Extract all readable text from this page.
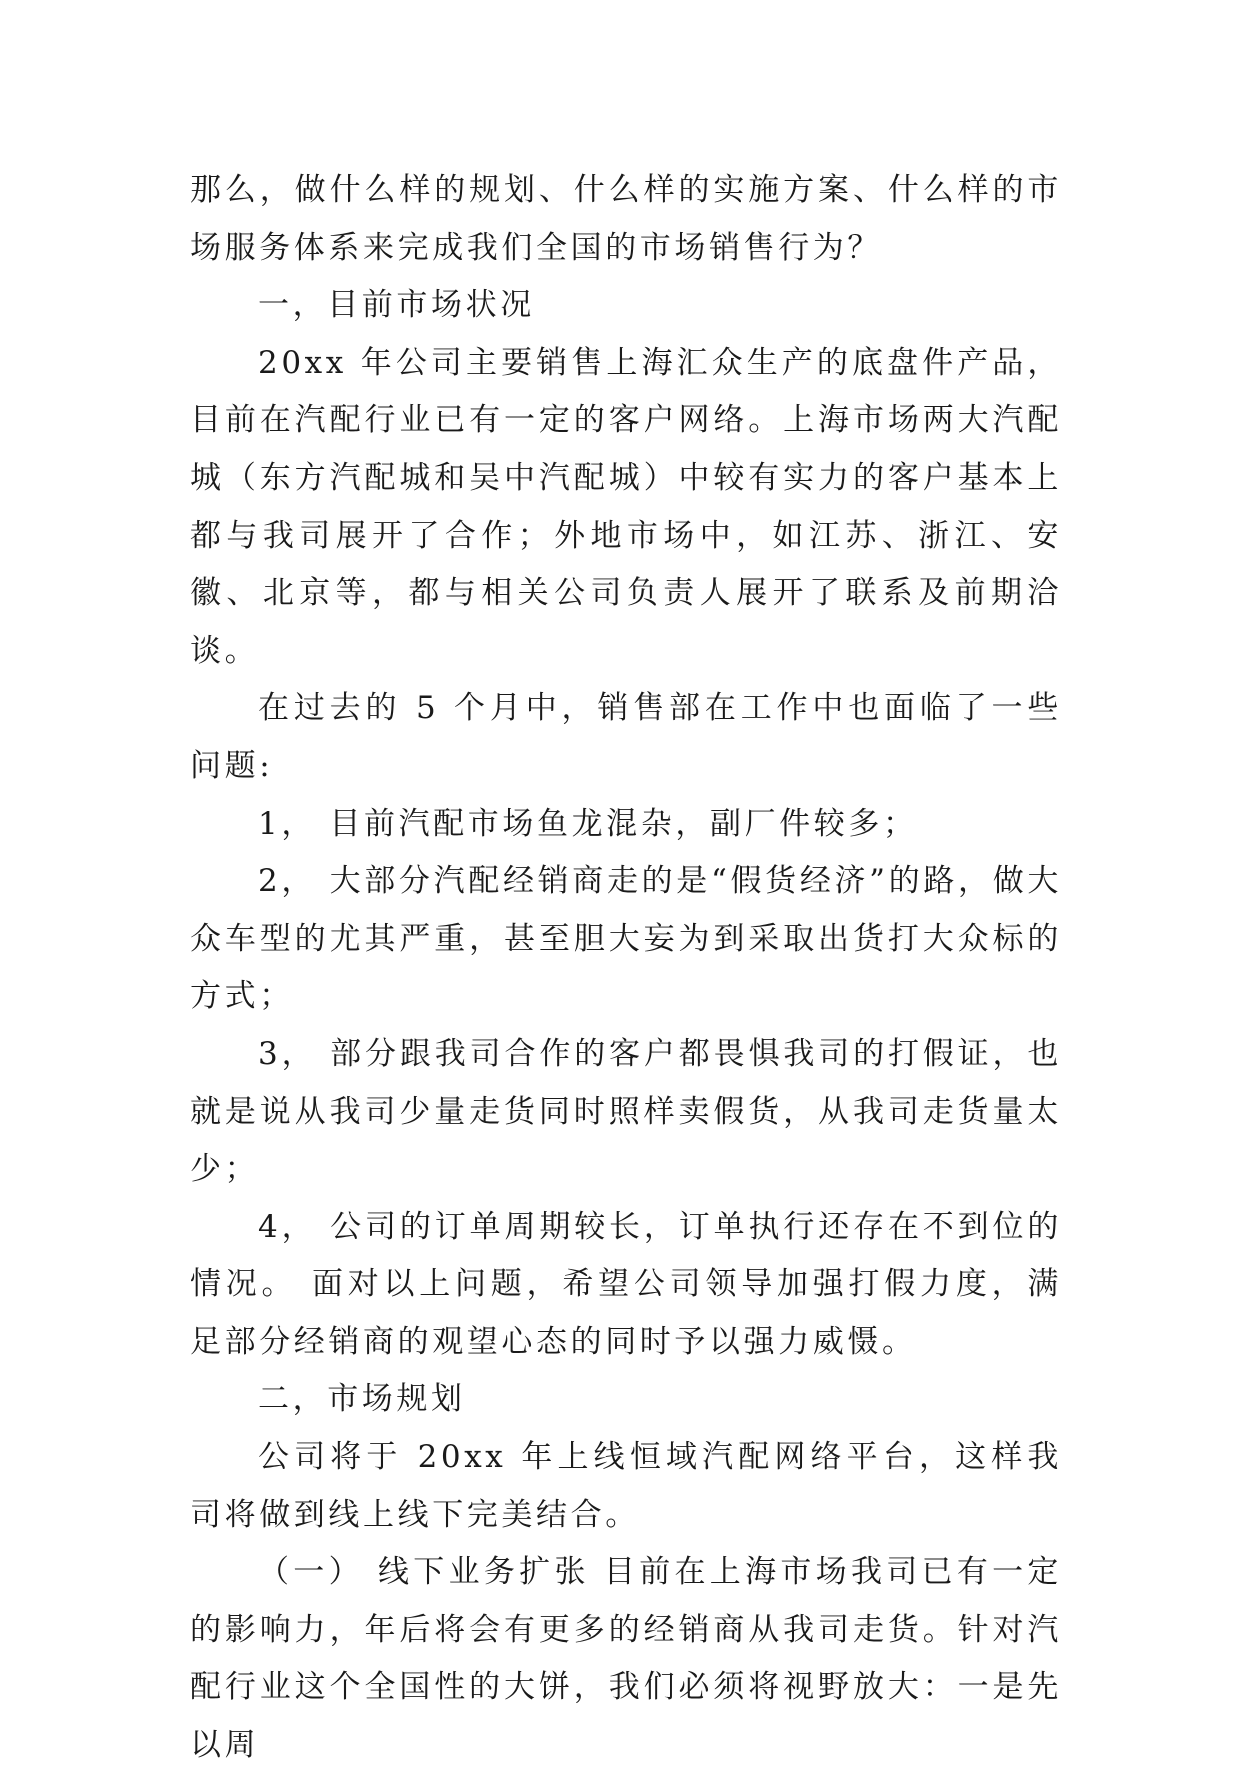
那么，做什么样的规划、什么样的实施方案、什么样的市场服务体系来完成我们全国的市场销售行为？

一，目前市场状况

20xx 年公司主要销售上海汇众生产的底盘件产品，目前在汽配行业已有一定的客户网络。上海市场两大汽配城（东方汽配城和吴中汽配城）中较有实力的客户基本上都与我司展开了合作；外地市场中，如江苏、浙江、安徽、北京等，都与相关公司负责人展开了联系及前期洽谈。

在过去的 5 个月中，销售部在工作中也面临了一些问题:

1， 目前汽配市场鱼龙混杂，副厂件较多；

2， 大部分汽配经销商走的是“假货经济”的路，做大众车型的尤其严重，甚至胆大妄为到采取出货打大众标的方式；

3， 部分跟我司合作的客户都畏惧我司的打假证，也就是说从我司少量走货同时照样卖假货，从我司走货量太少；

4， 公司的订单周期较长，订单执行还存在不到位的情况。 面对以上问题，希望公司领导加强打假力度，满足部分经销商的观望心态的同时予以强力威慑。

二，市场规划

公司将于 20xx 年上线恒域汽配网络平台，这样我司将做到线上线下完美结合。

（一） 线下业务扩张 目前在上海市场我司已有一定的影响力，年后将会有更多的经销商从我司走货。针对汽配行业这个全国性的大饼，我们必须将视野放大：一是先以周
